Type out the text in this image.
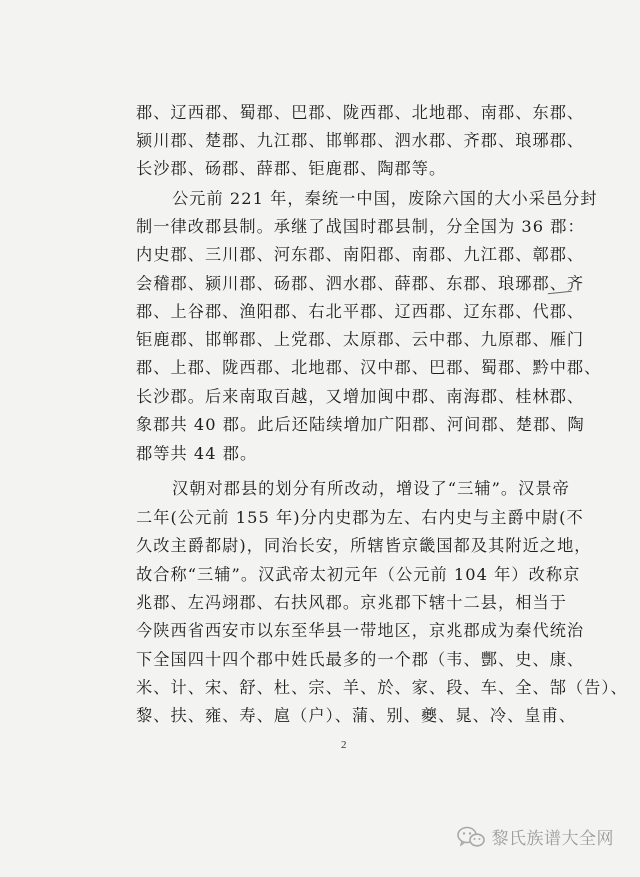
郡、辽西郡、蜀郡、巴郡、陇西郡、北地郡、南郡、东郡、
颍川郡、楚郡、九江郡、邯郸郡、泗水郡、齐郡、琅琊郡、
长沙郡、砀郡、薛郡、钜鹿郡、陶郡等。
公元前 221 年，秦统一中国，废除六国的大小采邑分封
制一律改郡县制。承继了战国时郡县制，分全国为 36 郡：
内史郡、三川郡、河东郡、南阳郡、南郡、九江郡、鄣郡、
会稽郡、颍川郡、砀郡、泗水郡、薛郡、东郡、琅琊郡、齐
郡、上谷郡、渔阳郡、右北平郡、辽西郡、辽东郡、代郡、
钜鹿郡、邯郸郡、上党郡、太原郡、云中郡、九原郡、雁门
郡、上郡、陇西郡、北地郡、汉中郡、巴郡、蜀郡、黔中郡、
长沙郡。后来南取百越，又增加闽中郡、南海郡、桂林郡、
象郡共 40 郡。此后还陆续增加广阳郡、河间郡、楚郡、陶
郡等共 44 郡。
汉朝对郡县的划分有所改动，增设了“三辅”。汉景帝
二年(公元前 155 年)分内史郡为左、右内史与主爵中尉(不
久改主爵都尉)，同治长安，所辖皆京畿国都及其附近之地，
故合称“三辅”。汉武帝太初元年（公元前 104 年）改称京
兆郡、左冯翊郡、右扶风郡。京兆郡下辖十二县，相当于
今陕西省西安市以东至华县一带地区，京兆郡成为秦代统治
下全国四十四个郡中姓氏最多的一个郡（韦、酆、史、康、
米、计、宋、舒、杜、宗、羊、於、家、段、车、全、郜（告）、
黎、扶、雍、寿、扈（户）、蒲、别、夔、晁、冷、皇甫、
2
黎氏族谱大全网
